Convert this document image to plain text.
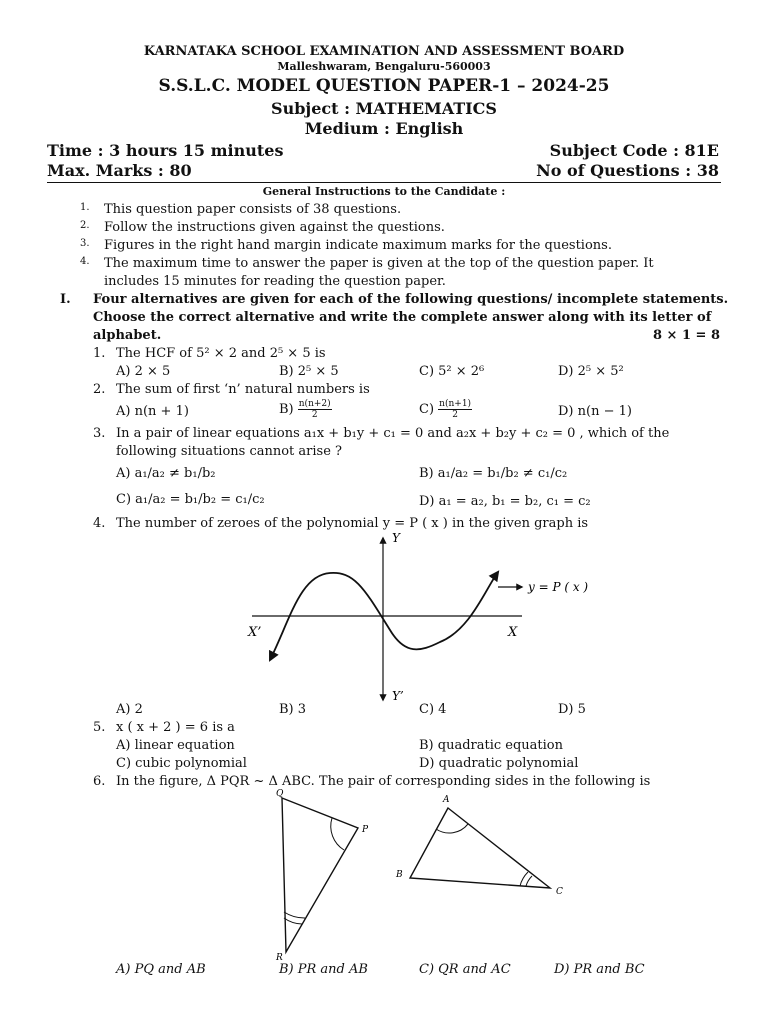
KARNATAKA SCHOOL EXAMINATION AND ASSESSMENT BOARD
Malleshwaram, Bengaluru-560003
S.S.L.C. MODEL QUESTION PAPER-1 – 2024-25
Subject : MATHEMATICS
Medium : English
Time : 3 hours 15 minutes	Subject Code : 81E
Max. Marks : 80	No of Questions : 38
General Instructions to the Candidate :
1. This question paper consists of 38 questions.
2. Follow the instructions given against the questions.
3. Figures in the right hand margin indicate maximum marks for the questions.
4. The maximum time to answer the paper is given at the top of the question paper. It
includes 15 minutes for reading the question paper.
I. Four alternatives are given for each of the following questions/ incomplete statements.
Choose the correct alternative and write the complete answer along with its letter of
alphabet.	8 × 1 = 8
1. The HCF of 5² × 2 and 2⁵ × 5 is
A) 2 × 5	B) 2⁵ × 5	C) 5² × 2⁶	D) 2⁵ × 5²
2. The sum of first ‘n’ natural numbers is
A) n(n + 1)	$B) \frac{n(n+2)}{2}$	$C) \frac{n(n+1)}{2}$	D) n(n − 1)
3. In a pair of linear equations a₁x + b₁y + c₁ = 0 and a₂x + b₂y + c₂ = 0 , which of the
following situations cannot arise ?
A) a₁/a₂ ≠ b₁/b₂	B) a₁/a₂ = b₁/b₂ ≠ c₁/c₂
C) a₁/a₂ = b₁/b₂ = c₁/c₂	D) a₁ = a₂, b₁ = b₂, c₁ = c₂
4. The number of zeroes of the polynomial y = P ( x ) in the given graph is
Y
Y’
X
X’
y = P ( x )
A) 2	B) 3	C) 4	D) 5
5. x ( x + 2 ) = 6 is a
A) linear equation	B) quadratic equation
C) cubic polynomial	D) quadratic polynomial
6. In the figure, Δ PQR ~ Δ ABC. The pair of corresponding sides in the following is
Q
P
R
A
B
C
A) PQ and AB	B) PR and AB	C) QR and AC	D) PR and BC
